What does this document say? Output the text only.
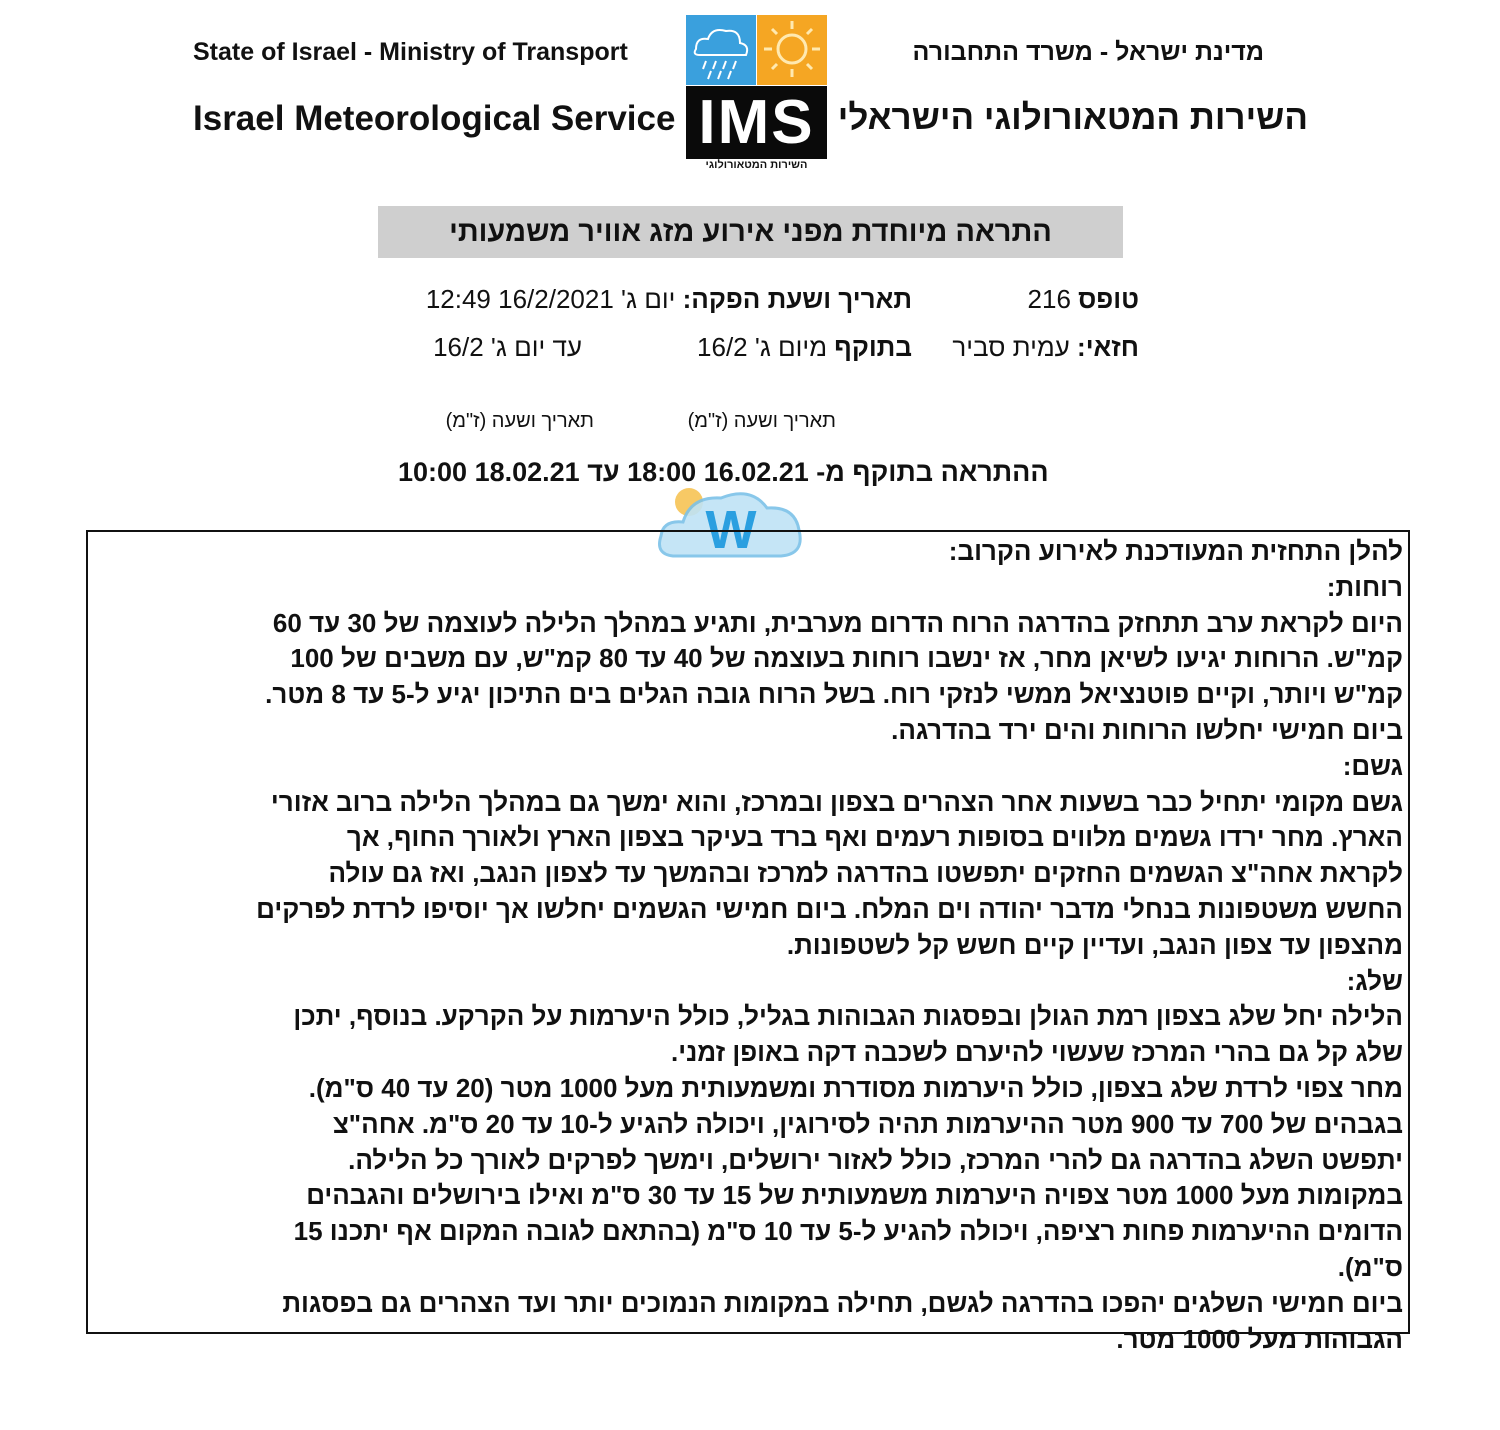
State of Israel - Ministry of Transport
Israel Meteorological Service
מדינת ישראל - משרד התחבורה
השירות המטאורולוגי הישראלי
IMS
השירות המטאורולוגי
התראה מיוחדת מפני אירוע מזג אוויר משמעותי
טופס 216
תאריך ושעת הפקה: יום ג' 16/2/2021 12:49
חזאי: עמית סביר
בתוקף מיום ג' 16/2
עד יום ג' 16/2
תאריך ושעה (ז"מ)
תאריך ושעה (ז"מ)
ההתראה בתוקף מ- 16.02.21 18:00 עד 18.02.21 10:00
W	להלן התחזית המעודכנת לאירוע הקרוב:
רוחות:
היום לקראת ערב תתחזק בהדרגה הרוח הדרום מערבית, ותגיע במהלך הלילה לעוצמה של 30 עד 60
קמ"ש. הרוחות יגיעו לשיאן מחר, אז ינשבו רוחות בעוצמה של 40 עד 80 קמ"ש, עם משבים של 100
קמ"ש ויותר, וקיים פוטנציאל ממשי לנזקי רוח. בשל הרוח גובה הגלים בים התיכון יגיע ל-5 עד 8 מטר.
ביום חמישי יחלשו הרוחות והים ירד בהדרגה.
גשם:
גשם מקומי יתחיל כבר בשעות אחר הצהרים בצפון ובמרכז, והוא ימשך גם במהלך הלילה ברוב אזורי
הארץ. מחר ירדו גשמים מלווים בסופות רעמים ואף ברד בעיקר בצפון הארץ ולאורך החוף, אך
לקראת אחה"צ הגשמים החזקים יתפשטו בהדרגה למרכז ובהמשך עד לצפון הנגב, ואז גם עולה
החשש משטפונות בנחלי מדבר יהודה וים המלח. ביום חמישי הגשמים יחלשו אך יוסיפו לרדת לפרקים
מהצפון עד צפון הנגב, ועדיין קיים חשש קל לשטפונות.
שלג:
הלילה יחל שלג בצפון רמת הגולן ובפסגות הגבוהות בגליל, כולל היערמות על הקרקע. בנוסף, יתכן
שלג קל גם בהרי המרכז שעשוי להיערם לשכבה דקה באופן זמני.
מחר צפוי לרדת שלג בצפון, כולל היערמות מסודרת ומשמעותית מעל 1000 מטר (20 עד 40 ס"מ).
בגבהים של 700 עד 900 מטר ההיערמות תהיה לסירוגין, ויכולה להגיע ל-10 עד 20 ס"מ. אחה"צ
יתפשט השלג בהדרגה גם להרי המרכז, כולל לאזור ירושלים, וימשך לפרקים לאורך כל הלילה.
במקומות מעל 1000 מטר צפויה היערמות משמעותית של 15 עד 30 ס"מ ואילו בירושלים והגבהים
הדומים ההיערמות פחות רציפה, ויכולה להגיע ל-5 עד 10 ס"מ (בהתאם לגובה המקום אף יתכנו 15
ס"מ).
ביום חמישי השלגים יהפכו בהדרגה לגשם, תחילה במקומות הנמוכים יותר ועד הצהרים גם בפסגות
הגבוהות מעל 1000 מטר.
